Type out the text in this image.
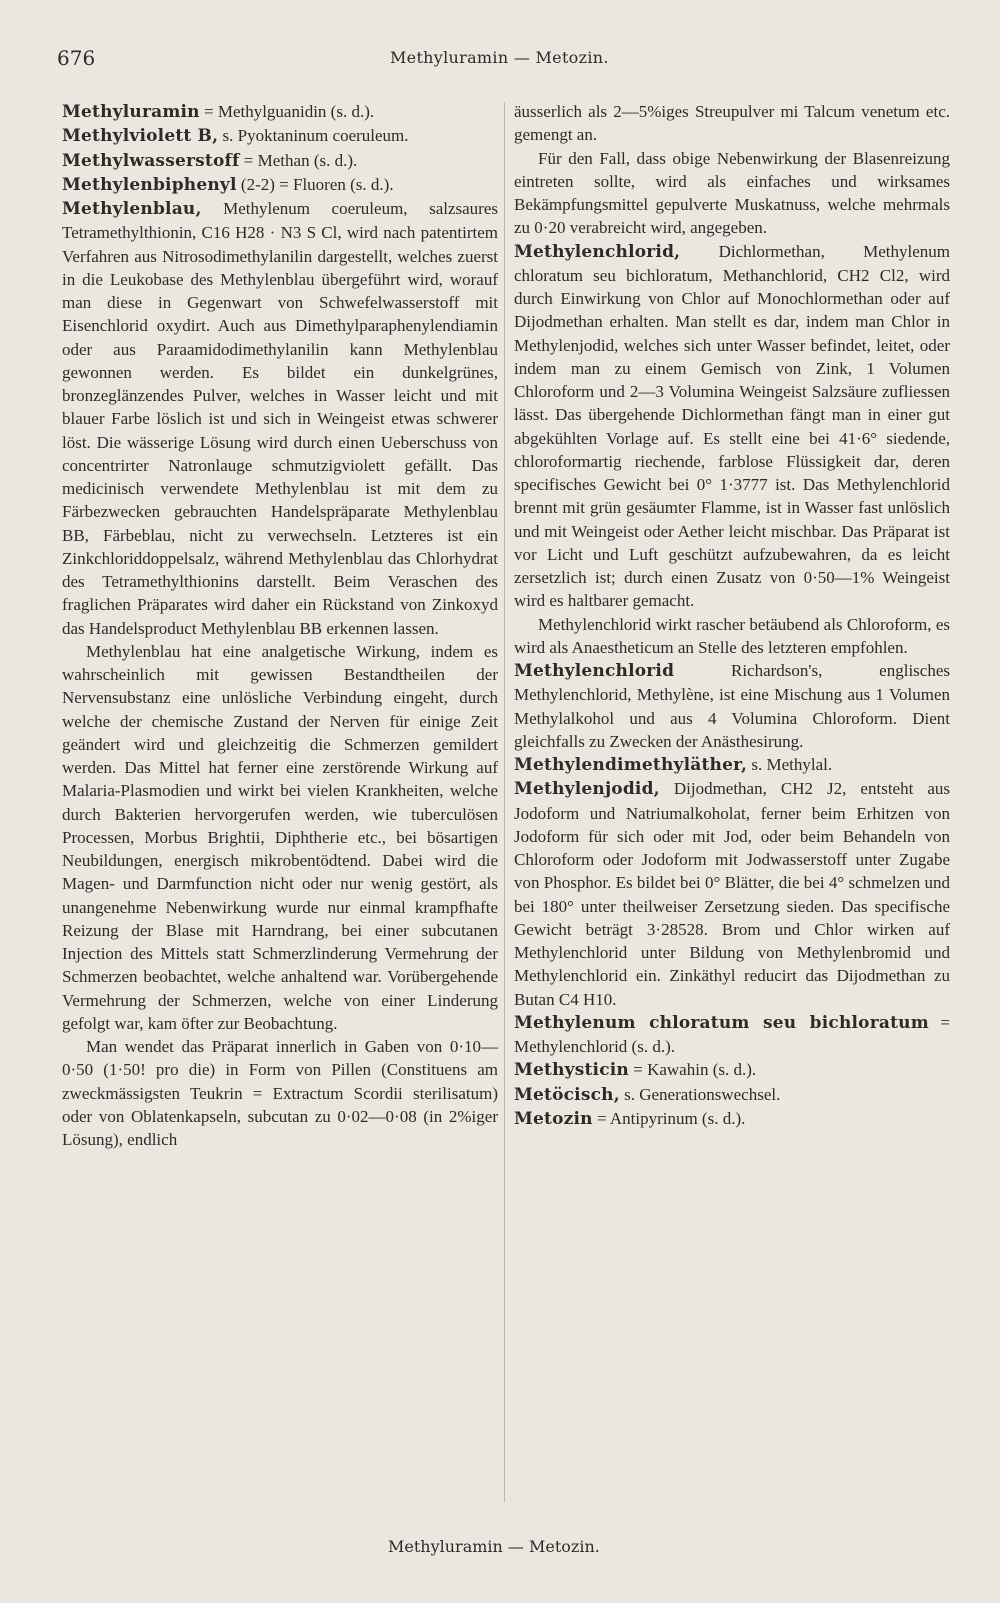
676	Methyluramin — Metozin.

Methyluramin = Methylguanidin (s. d.).

Methylviolett B, s. Pyoktaninum coeruleum.

Methylwasserstoff = Methan (s. d.).

Methylenbiphenyl (2-2) = Fluoren (s. d.).

Methylenblau, Methylenum coeruleum, salzsaures Tetramethylthionin, C16 H28 · N3 S Cl, wird nach patentirtem Verfahren aus Nitrosodimethylanilin dargestellt, welches zuerst in die Leukobase des Methylenblau übergeführt wird, worauf man diese in Gegenwart von Schwefelwasserstoff mit Eisenchlorid oxydirt. Auch aus Dimethylparaphenylendiamin oder aus Paraamidodimethylanilin kann Methylenblau gewonnen werden. Es bildet ein dunkelgrünes, bronzeglänzendes Pulver, welches in Wasser leicht und mit blauer Farbe löslich ist und sich in Weingeist etwas schwerer löst. Die wässerige Lösung wird durch einen Ueberschuss von concentrirter Natronlauge schmutzigviolett gefällt. Das medicinisch verwendete Methylenblau ist mit dem zu Färbezwecken gebrauchten Handelspräparate Methylenblau BB, Färbeblau, nicht zu verwechseln. Letzteres ist ein Zinkchloriddoppelsalz, während Methylenblau das Chlorhydrat des Tetramethylthionins darstellt. Beim Veraschen des fraglichen Präparates wird daher ein Rückstand von Zinkoxyd das Handelsproduct Methylenblau BB erkennen lassen.

Methylenblau hat eine analgetische Wirkung, indem es wahrscheinlich mit gewissen Bestandtheilen der Nervensubstanz eine unlösliche Verbindung eingeht, durch welche der chemische Zustand der Nerven für einige Zeit geändert wird und gleichzeitig die Schmerzen gemildert werden. Das Mittel hat ferner eine zerstörende Wirkung auf Malaria-Plasmodien und wirkt bei vielen Krankheiten, welche durch Bakterien hervorgerufen werden, wie tuberculösen Processen, Morbus Brightii, Diphtherie etc., bei bösartigen Neubildungen, energisch mikrobentödtend. Dabei wird die Magen- und Darmfunction nicht oder nur wenig gestört, als unangenehme Nebenwirkung wurde nur einmal krampfhafte Reizung der Blase mit Harndrang, bei einer subcutanen Injection des Mittels statt Schmerzlinderung Vermehrung der Schmerzen beobachtet, welche anhaltend war. Vorübergehende Vermehrung der Schmerzen, welche von einer Linderung gefolgt war, kam öfter zur Beobachtung.

Man wendet das Präparat innerlich in Gaben von 0·10—0·50 (1·50! pro die) in Form von Pillen (Constituens am zweckmässigsten Teukrin = Extractum Scordii sterilisatum) oder von Oblatenkapseln, subcutan zu 0·02—0·08 (in 2%iger Lösung), endlich

äusserlich als 2—5%iges Streupulver mi Talcum venetum etc. gemengt an.

Für den Fall, dass obige Nebenwirkung der Blasenreizung eintreten sollte, wird als einfaches und wirksames Bekämpfungsmittel gepulverte Muskatnuss, welche mehrmals zu 0·20 verabreicht wird, angegeben.

Methylenchlorid, Dichlormethan, Methylenum chloratum seu bichloratum, Methanchlorid, CH2 Cl2, wird durch Einwirkung von Chlor auf Monochlormethan oder auf Dijodmethan erhalten. Man stellt es dar, indem man Chlor in Methylenjodid, welches sich unter Wasser befindet, leitet, oder indem man zu einem Gemisch von Zink, 1 Volumen Chloroform und 2—3 Volumina Weingeist Salzsäure zufliessen lässt. Das übergehende Dichlormethan fängt man in einer gut abgekühlten Vorlage auf. Es stellt eine bei 41·6° siedende, chloroformartig riechende, farblose Flüssigkeit dar, deren specifisches Gewicht bei 0° 1·3777 ist. Das Methylenchlorid brennt mit grün gesäumter Flamme, ist in Wasser fast unlöslich und mit Weingeist oder Aether leicht mischbar. Das Präparat ist vor Licht und Luft geschützt aufzubewahren, da es leicht zersetzlich ist; durch einen Zusatz von 0·50—1% Weingeist wird es haltbarer gemacht.

Methylenchlorid wirkt rascher betäubend als Chloroform, es wird als Anaestheticum an Stelle des letzteren empfohlen.

Methylenchlorid Richardson's, englisches Methylenchlorid, Methylène, ist eine Mischung aus 1 Volumen Methylalkohol und aus 4 Volumina Chloroform. Dient gleichfalls zu Zwecken der Anästhesirung.

Methylendimethyläther, s. Methylal.

Methylenjodid, Dijodmethan, CH2 J2, entsteht aus Jodoform und Natriumalkoholat, ferner beim Erhitzen von Jodoform für sich oder mit Jod, oder beim Behandeln von Chloroform oder Jodoform mit Jodwasserstoff unter Zugabe von Phosphor. Es bildet bei 0° Blätter, die bei 4° schmelzen und bei 180° unter theilweiser Zersetzung sieden. Das specifische Gewicht beträgt 3·28528. Brom und Chlor wirken auf Methylenchlorid unter Bildung von Methylenbromid und Methylenchlorid ein. Zinkäthyl reducirt das Dijodmethan zu Butan C4 H10.

Methylenum chloratum seu bichloratum = Methylenchlorid (s. d.).

Methysticin = Kawahin (s. d.).

Metöcisch, s. Generationswechsel.

Metozin = Antipyrinum (s. d.).

Methyluramin — Metozin.
